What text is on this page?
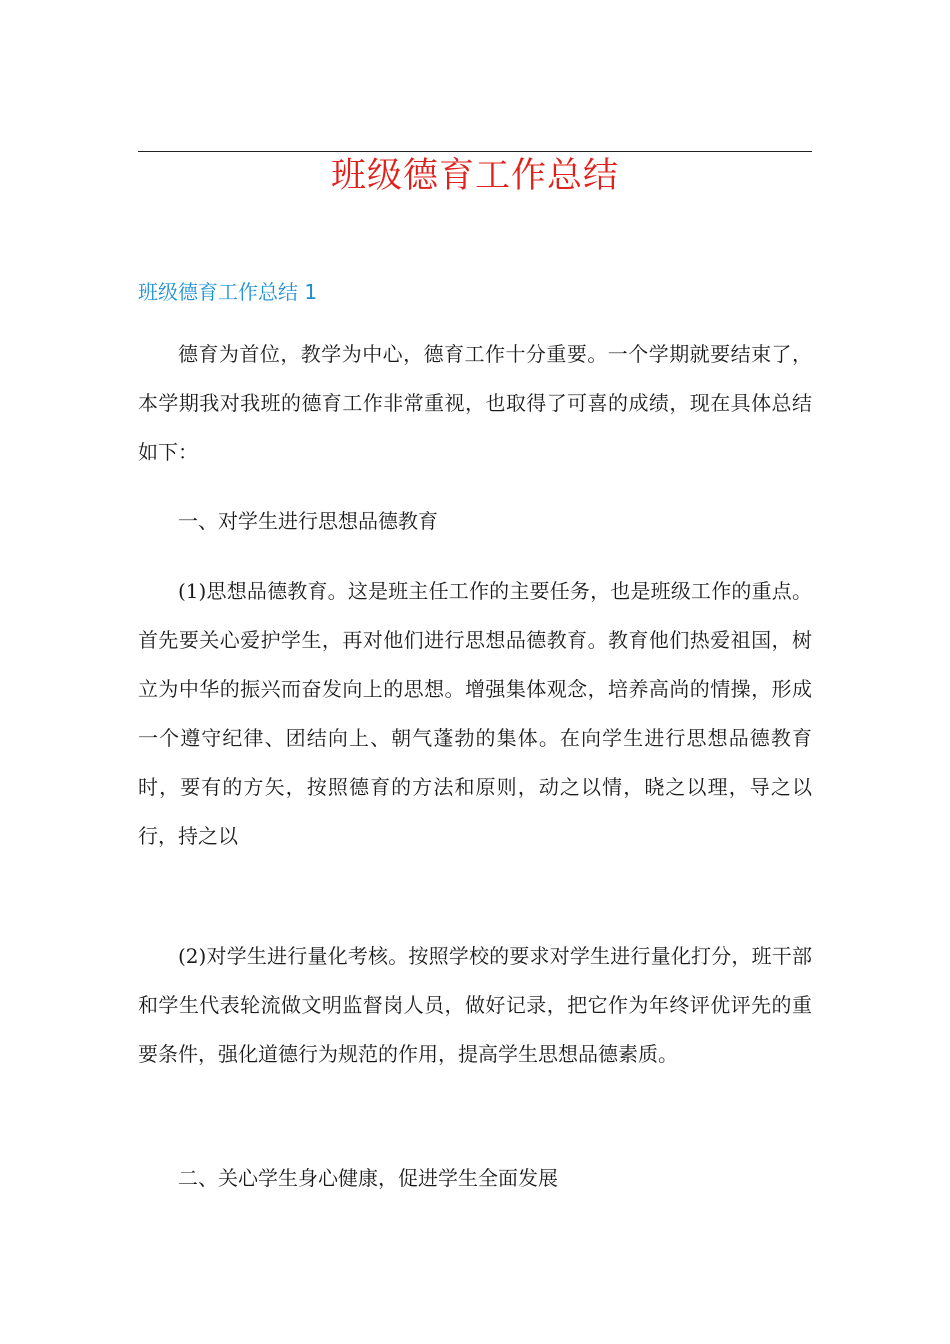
班级德育工作总结
班级德育工作总结 1

德育为首位，教学为中心，德育工作十分重要。一个学期就要结束了，本学期我对我班的德育工作非常重视，也取得了可喜的成绩，现在具体总结如下：

一、对学生进行思想品德教育

(1)思想品德教育。这是班主任工作的主要任务，也是班级工作的重点。首先要关心爱护学生，再对他们进行思想品德教育。教育他们热爱祖国，树立为中华的振兴而奋发向上的思想。增强集体观念，培养高尚的情操，形成一个遵守纪律、团结向上、朝气蓬勃的集体。在向学生进行思想品德教育时，要有的方矢，按照德育的方法和原则，动之以情，晓之以理，导之以行，持之以

(2)对学生进行量化考核。按照学校的要求对学生进行量化打分，班干部和学生代表轮流做文明监督岗人员，做好记录，把它作为年终评优评先的重要条件，强化道德行为规范的作用，提高学生思想品德素质。

二、关心学生身心健康，促进学生全面发展
